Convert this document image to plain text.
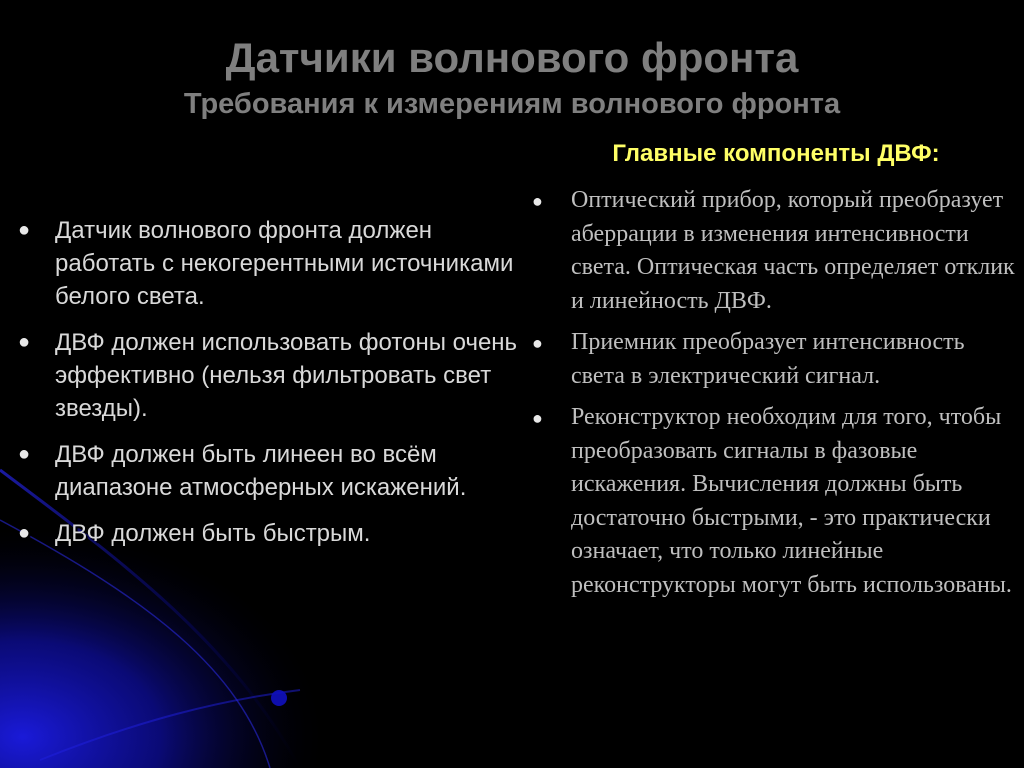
Датчики волнового фронта
Требования к измерениям волнового фронта
● Датчик волнового фронта должен работать с некогерентными источниками белого света.
● ДВФ должен использовать фотоны очень эффективно (нельзя фильтровать свет звезды).
● ДВФ должен быть линеен во всём диапазоне атмосферных искажений.
● ДВФ должен быть быстрым.
Главные компоненты ДВФ:
● Оптический прибор, который преобразует аберрации в изменения интенсивности света. Оптическая часть определяет отклик и линейность ДВФ.
● Приемник преобразует интенсивность света в электрический сигнал.
● Реконструктор необходим для того, чтобы преобразовать сигналы в фазовые искажения. Вычисления должны быть достаточно быстрыми, - это практически означает, что только линейные реконструкторы могут быть использованы.
